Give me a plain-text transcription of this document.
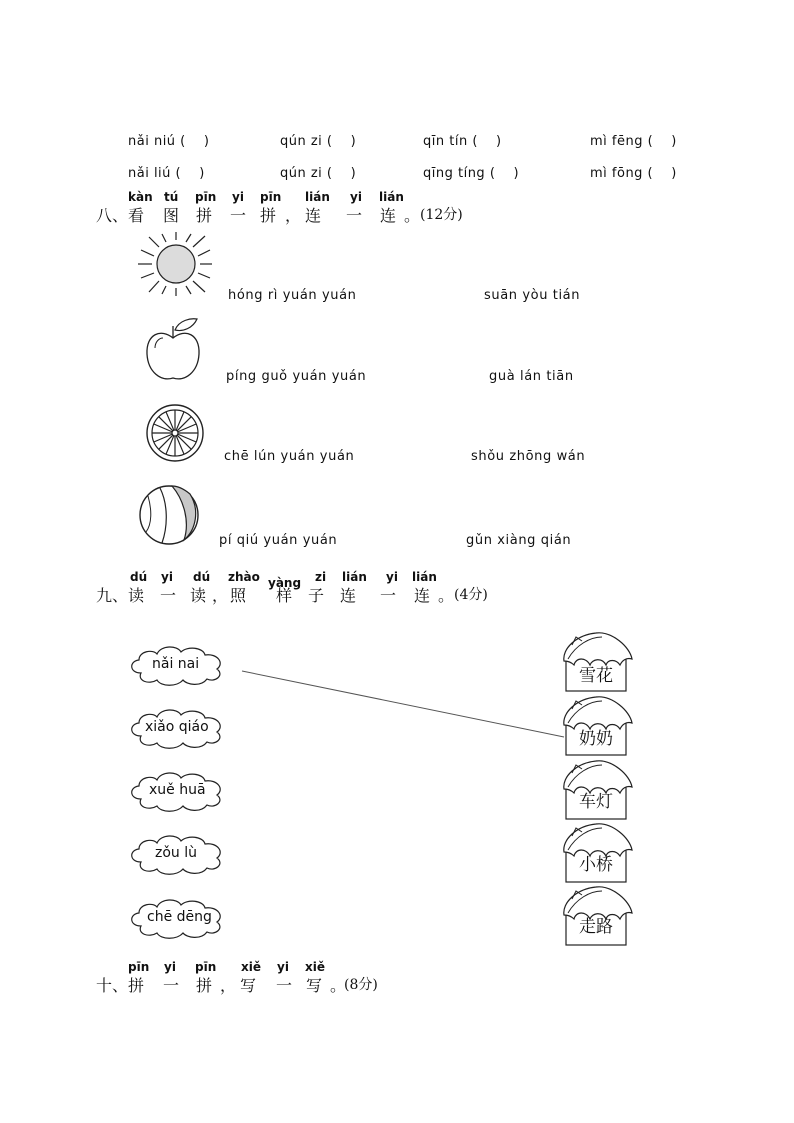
nǎi niú (　 )	qún zi (　 )	qīn tín (　 )	mì fēng (　 )
nǎi liú (　 )	qún zi (　 )	qīng tíng (　 )	mì fōng (　 )
八、
kàn tú pīn yi pīn lián yi lián
看 图 拼 一 拼 ， 连 一 连 。 (12分)
hóng rì yuán yuán	suān yòu tián
píng guǒ yuán yuán	guà lán tiān
chē lún yuán yuán	shǒu zhōng wán
pí qiú yuán yuán	gǔn xiàng qián
九、
dú yi dú zhào yàng zi lián yi lián
读 一 读 ， 照 样 子 连 一 连 。 (4分)
nǎi nai
xiǎo qiáo
xuě huā
zǒu lù
chē dēng
雪花
奶奶
车灯
小桥
走路
十、
pīn yi pīn xiě yi xiě
拼 一 拼 ， 写 一 写 。
(8分)
